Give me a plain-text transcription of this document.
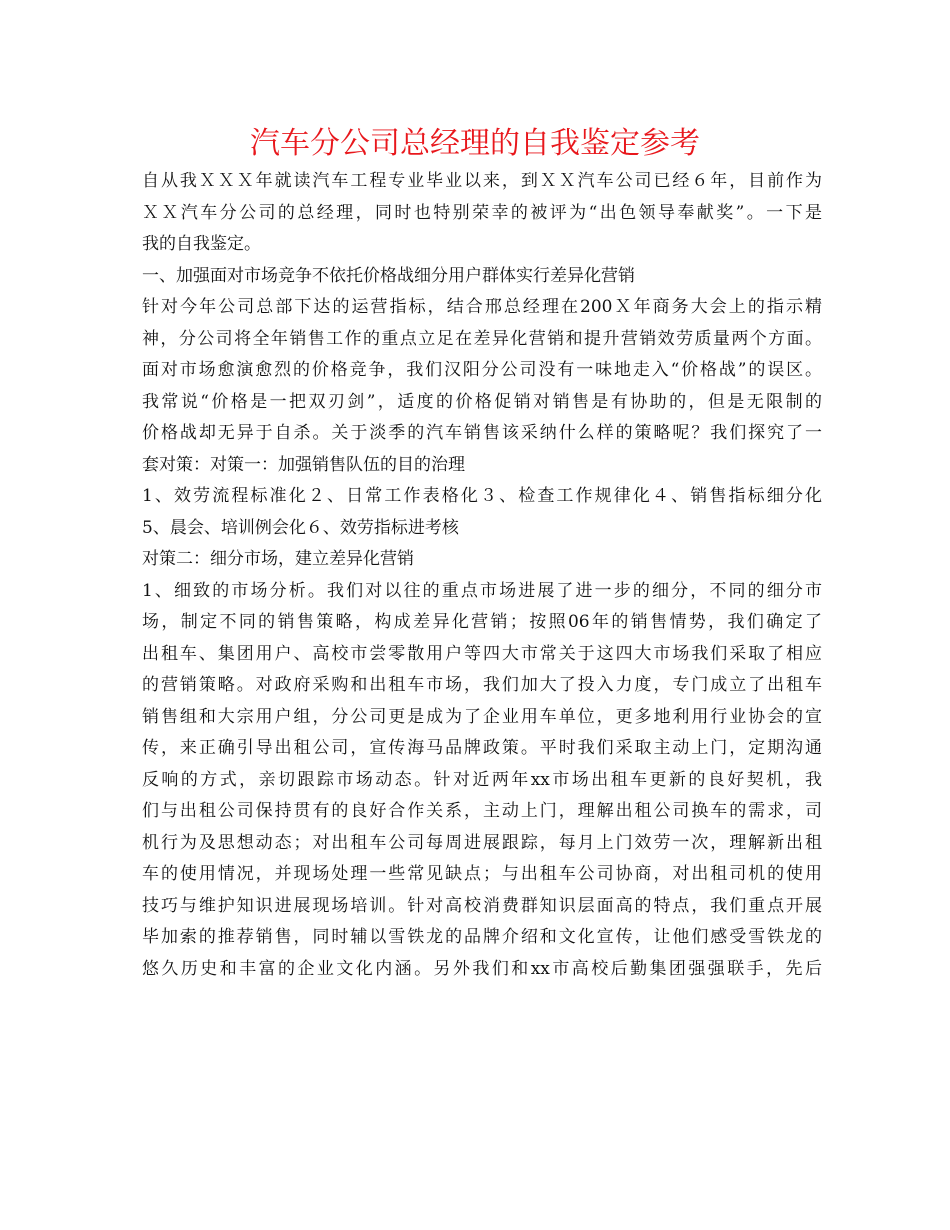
汽车分公司总经理的自我鉴定参考
自从我ＸＸＸ年就读汽车工程专业毕业以来，到ＸＸ汽车公司已经６年，目前作为
ＸＸ汽车分公司的总经理，同时也特别荣幸的被评为“出色领导奉献奖”。一下是
我的自我鉴定。
一、加强面对市场竞争不依托价格战细分用户群体实行差异化营销
针对今年公司总部下达的运营指标，结合邢总经理在200Ｘ年商务大会上的指示精
神，分公司将全年销售工作的重点立足在差异化营销和提升营销效劳质量两个方面。
面对市场愈演愈烈的价格竞争，我们汉阳分公司没有一味地走入“价格战”的误区。
我常说“价格是一把双刃剑”，适度的价格促销对销售是有协助的，但是无限制的
价格战却无异于自杀。关于淡季的汽车销售该采纳什么样的策略呢？我们探究了一
套对策：对策一：加强销售队伍的目的治理
1、效劳流程标准化２、日常工作表格化３、检查工作规律化４、销售指标细分化
5、晨会、培训例会化６、效劳指标进考核
对策二：细分市场，建立差异化营销
1、细致的市场分析。我们对以往的重点市场进展了进一步的细分，不同的细分市
场，制定不同的销售策略，构成差异化营销；按照06年的销售情势，我们确定了
出租车、集团用户、高校市尝零散用户等四大市常关于这四大市场我们采取了相应
的营销策略。对政府采购和出租车市场，我们加大了投入力度，专门成立了出租车
销售组和大宗用户组，分公司更是成为了企业用车单位，更多地利用行业协会的宣
传，来正确引导出租公司，宣传海马品牌政策。平时我们采取主动上门，定期沟通
反响的方式，亲切跟踪市场动态。针对近两年xx市场出租车更新的良好契机，我
们与出租公司保持贯有的良好合作关系，主动上门，理解出租公司换车的需求，司
机行为及思想动态；对出租车公司每周进展跟踪，每月上门效劳一次，理解新出租
车的使用情况，并现场处理一些常见缺点；与出租车公司协商，对出租司机的使用
技巧与维护知识进展现场培训。针对高校消费群知识层面高的特点，我们重点开展
毕加索的推荐销售，同时辅以雪铁龙的品牌介绍和文化宣传，让他们感受雪铁龙的
悠久历史和丰富的企业文化内涵。另外我们和xx市高校后勤集团强强联手，先后
